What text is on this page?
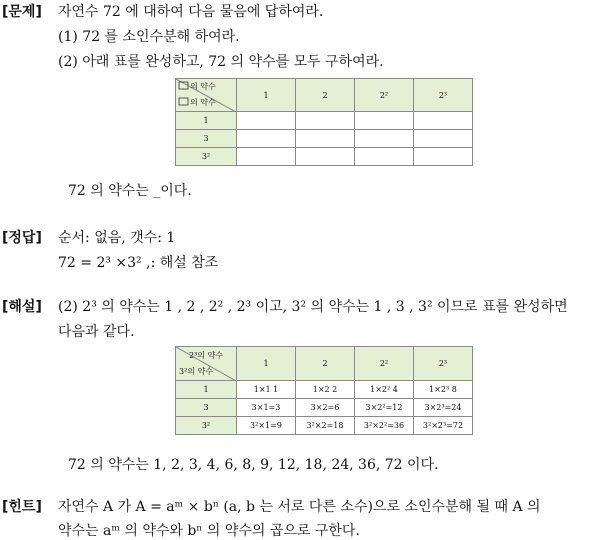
[문제] 자연수 72 에 대하여 다음 물음에 답하여라.
(1) 72 를 소인수분해 하여라.
(2) 아래 표를 완성하고, 72 의 약수를 모두 구하여라.
의 약수
의 약수	1	2	2²	2³
1				
3				
3²				
72 의 약수는 _이다.
[정답] 순서: 없음, 갯수: 1
72 = 2³ ×3² ,: 해설 참조
[해설] (2) 2³ 의 약수는 1 , 2 , 2² , 2³ 이고, 3² 의 약수는 1 , 3 , 3² 이므로 표를 완성하면
다음과 같다.
2³의 약수
3²의 약수	1	2	2²	2³
1	1×1 1	1×2 2	1×2² 4	1×2³ 8
3	3×1=3	3×2=6	3×2²=12	3×2³=24
3²	3²×1=9	3²×2=18	3²×2²=36	3²×2³=72
72 의 약수는 1, 2, 3, 4, 6, 8, 9, 12, 18, 24, 36, 72 이다.
[힌트] 자연수 A 가 A = aᵐ × bⁿ (a, b 는 서로 다른 소수)으로 소인수분해 될 때 A 의
약수는 aᵐ 의 약수와 bⁿ 의 약수의 곱으로 구한다.
